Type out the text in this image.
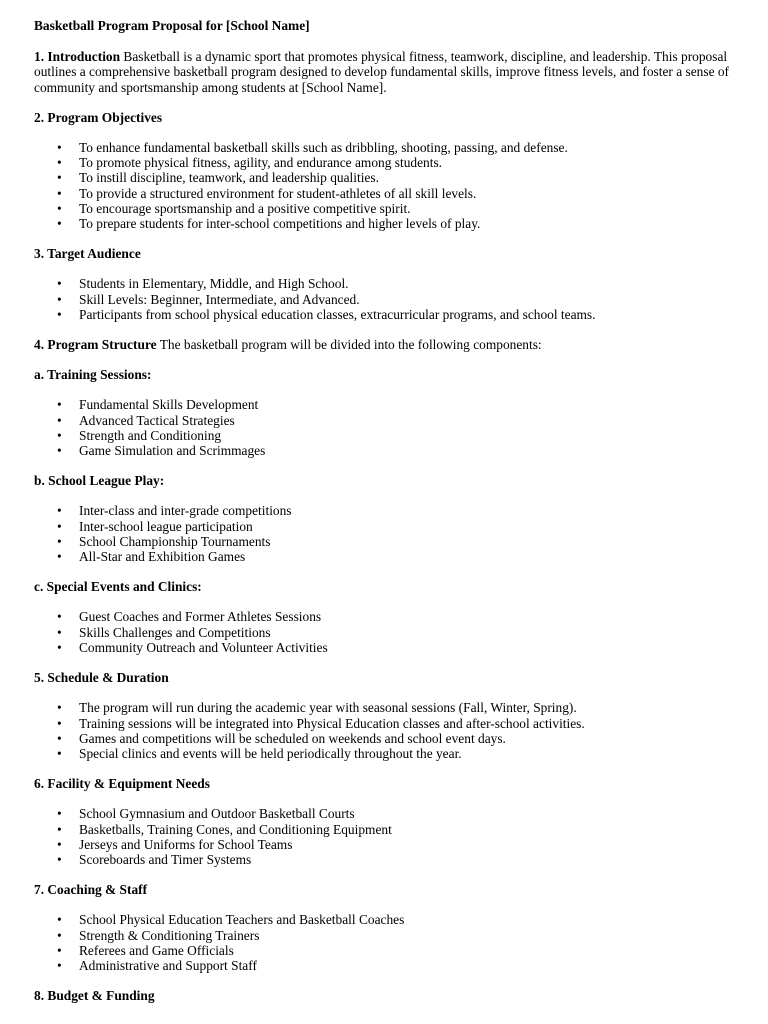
Basketball Program Proposal for [School Name]
1. Introduction Basketball is a dynamic sport that promotes physical fitness, teamwork, discipline, and leadership. This proposal outlines a comprehensive basketball program designed to develop fundamental skills, improve fitness levels, and foster a sense of community and sportsmanship among students at [School Name].
2. Program Objectives
• To enhance fundamental basketball skills such as dribbling, shooting, passing, and defense.
• To promote physical fitness, agility, and endurance among students.
• To instill discipline, teamwork, and leadership qualities.
• To provide a structured environment for student-athletes of all skill levels.
• To encourage sportsmanship and a positive competitive spirit.
• To prepare students for inter-school competitions and higher levels of play.
3. Target Audience
• Students in Elementary, Middle, and High School.
• Skill Levels: Beginner, Intermediate, and Advanced.
• Participants from school physical education classes, extracurricular programs, and school teams.
4. Program Structure The basketball program will be divided into the following components:
a. Training Sessions:
• Fundamental Skills Development
• Advanced Tactical Strategies
• Strength and Conditioning
• Game Simulation and Scrimmages
b. School League Play:
• Inter-class and inter-grade competitions
• Inter-school league participation
• School Championship Tournaments
• All-Star and Exhibition Games
c. Special Events and Clinics:
• Guest Coaches and Former Athletes Sessions
• Skills Challenges and Competitions
• Community Outreach and Volunteer Activities
5. Schedule & Duration
• The program will run during the academic year with seasonal sessions (Fall, Winter, Spring).
• Training sessions will be integrated into Physical Education classes and after-school activities.
• Games and competitions will be scheduled on weekends and school event days.
• Special clinics and events will be held periodically throughout the year.
6. Facility & Equipment Needs
• School Gymnasium and Outdoor Basketball Courts
• Basketballs, Training Cones, and Conditioning Equipment
• Jerseys and Uniforms for School Teams
• Scoreboards and Timer Systems
7. Coaching & Staff
• School Physical Education Teachers and Basketball Coaches
• Strength & Conditioning Trainers
• Referees and Game Officials
• Administrative and Support Staff
8. Budget & Funding
